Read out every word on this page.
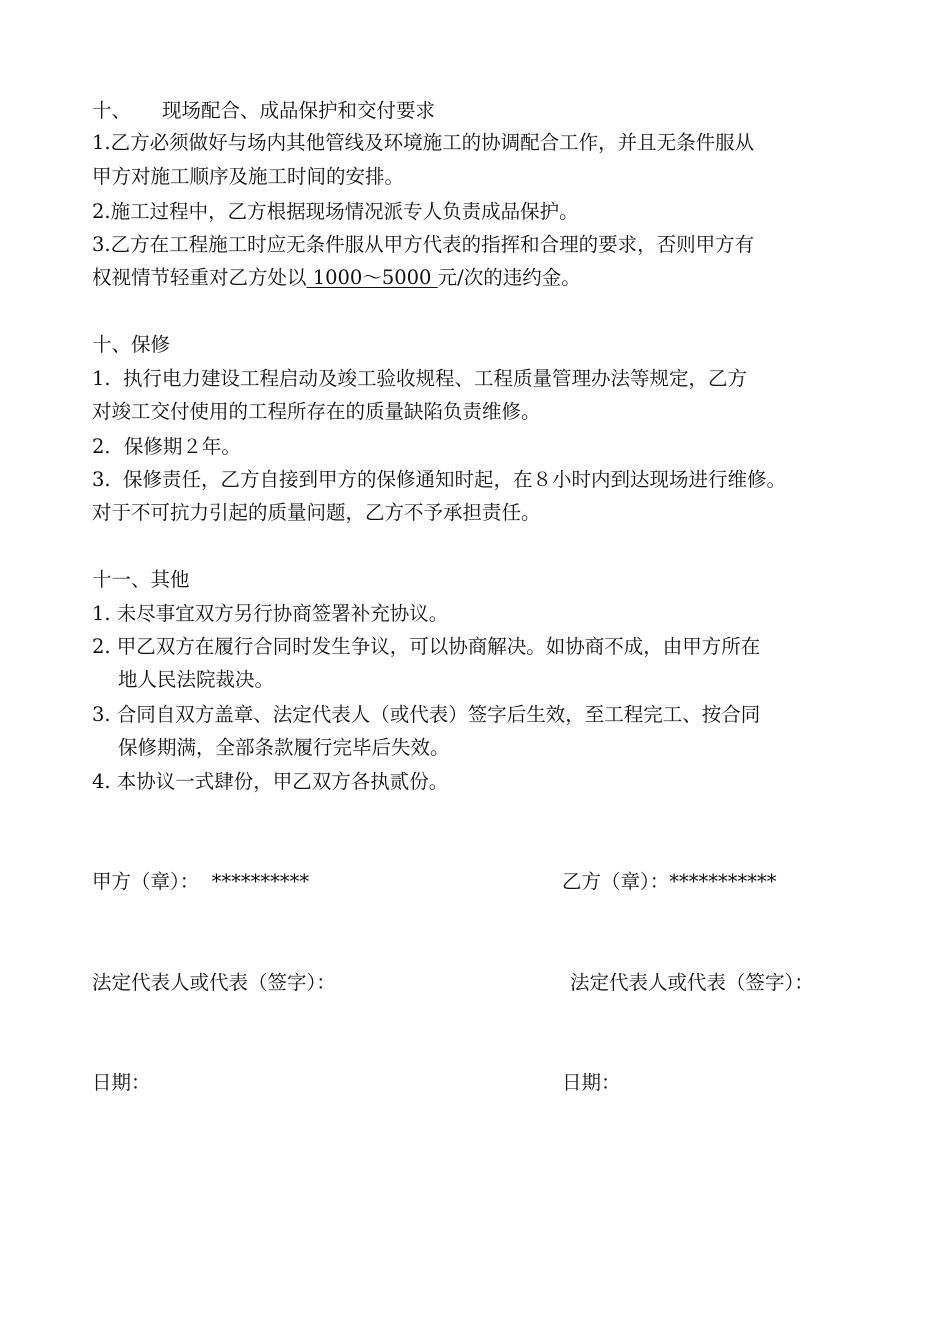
十、     现场配合、成品保护和交付要求
1.乙方必须做好与场内其他管线及环境施工的协调配合工作，并且无条件服从
甲方对施工顺序及施工时间的安排。
2.施工过程中，乙方根据现场情况派专人负责成品保护。
3.乙方在工程施工时应无条件服从甲方代表的指挥和合理的要求，否则甲方有
权视情节轻重对乙方处以 1000～5000 元/次的违约金。
十、保修
1.  执行电力建设工程启动及竣工验收规程、工程质量管理办法等规定，乙方
对竣工交付使用的工程所存在的质量缺陷负责维修。
2．保修期２年。
3.  保修责任，乙方自接到甲方的保修通知时起，在８小时内到达现场进行维修。
对于不可抗力引起的质量问题，乙方不予承担责任。
十一、其他
1. 未尽事宜双方另行协商签署补充协议。
2. 甲乙双方在履行合同时发生争议，可以协商解决。如协商不成，由甲方所在
地人民法院裁决。
3. 合同自双方盖章、法定代表人（或代表）签字后生效，至工程完工、按合同
保修期满，全部条款履行完毕后失效。
4. 本协议一式肆份，甲乙双方各执贰份。
甲方（章）：  **********	乙方（章）：***********
法定代表人或代表（签字）：	法定代表人或代表（签字）：
日期：	日期：
